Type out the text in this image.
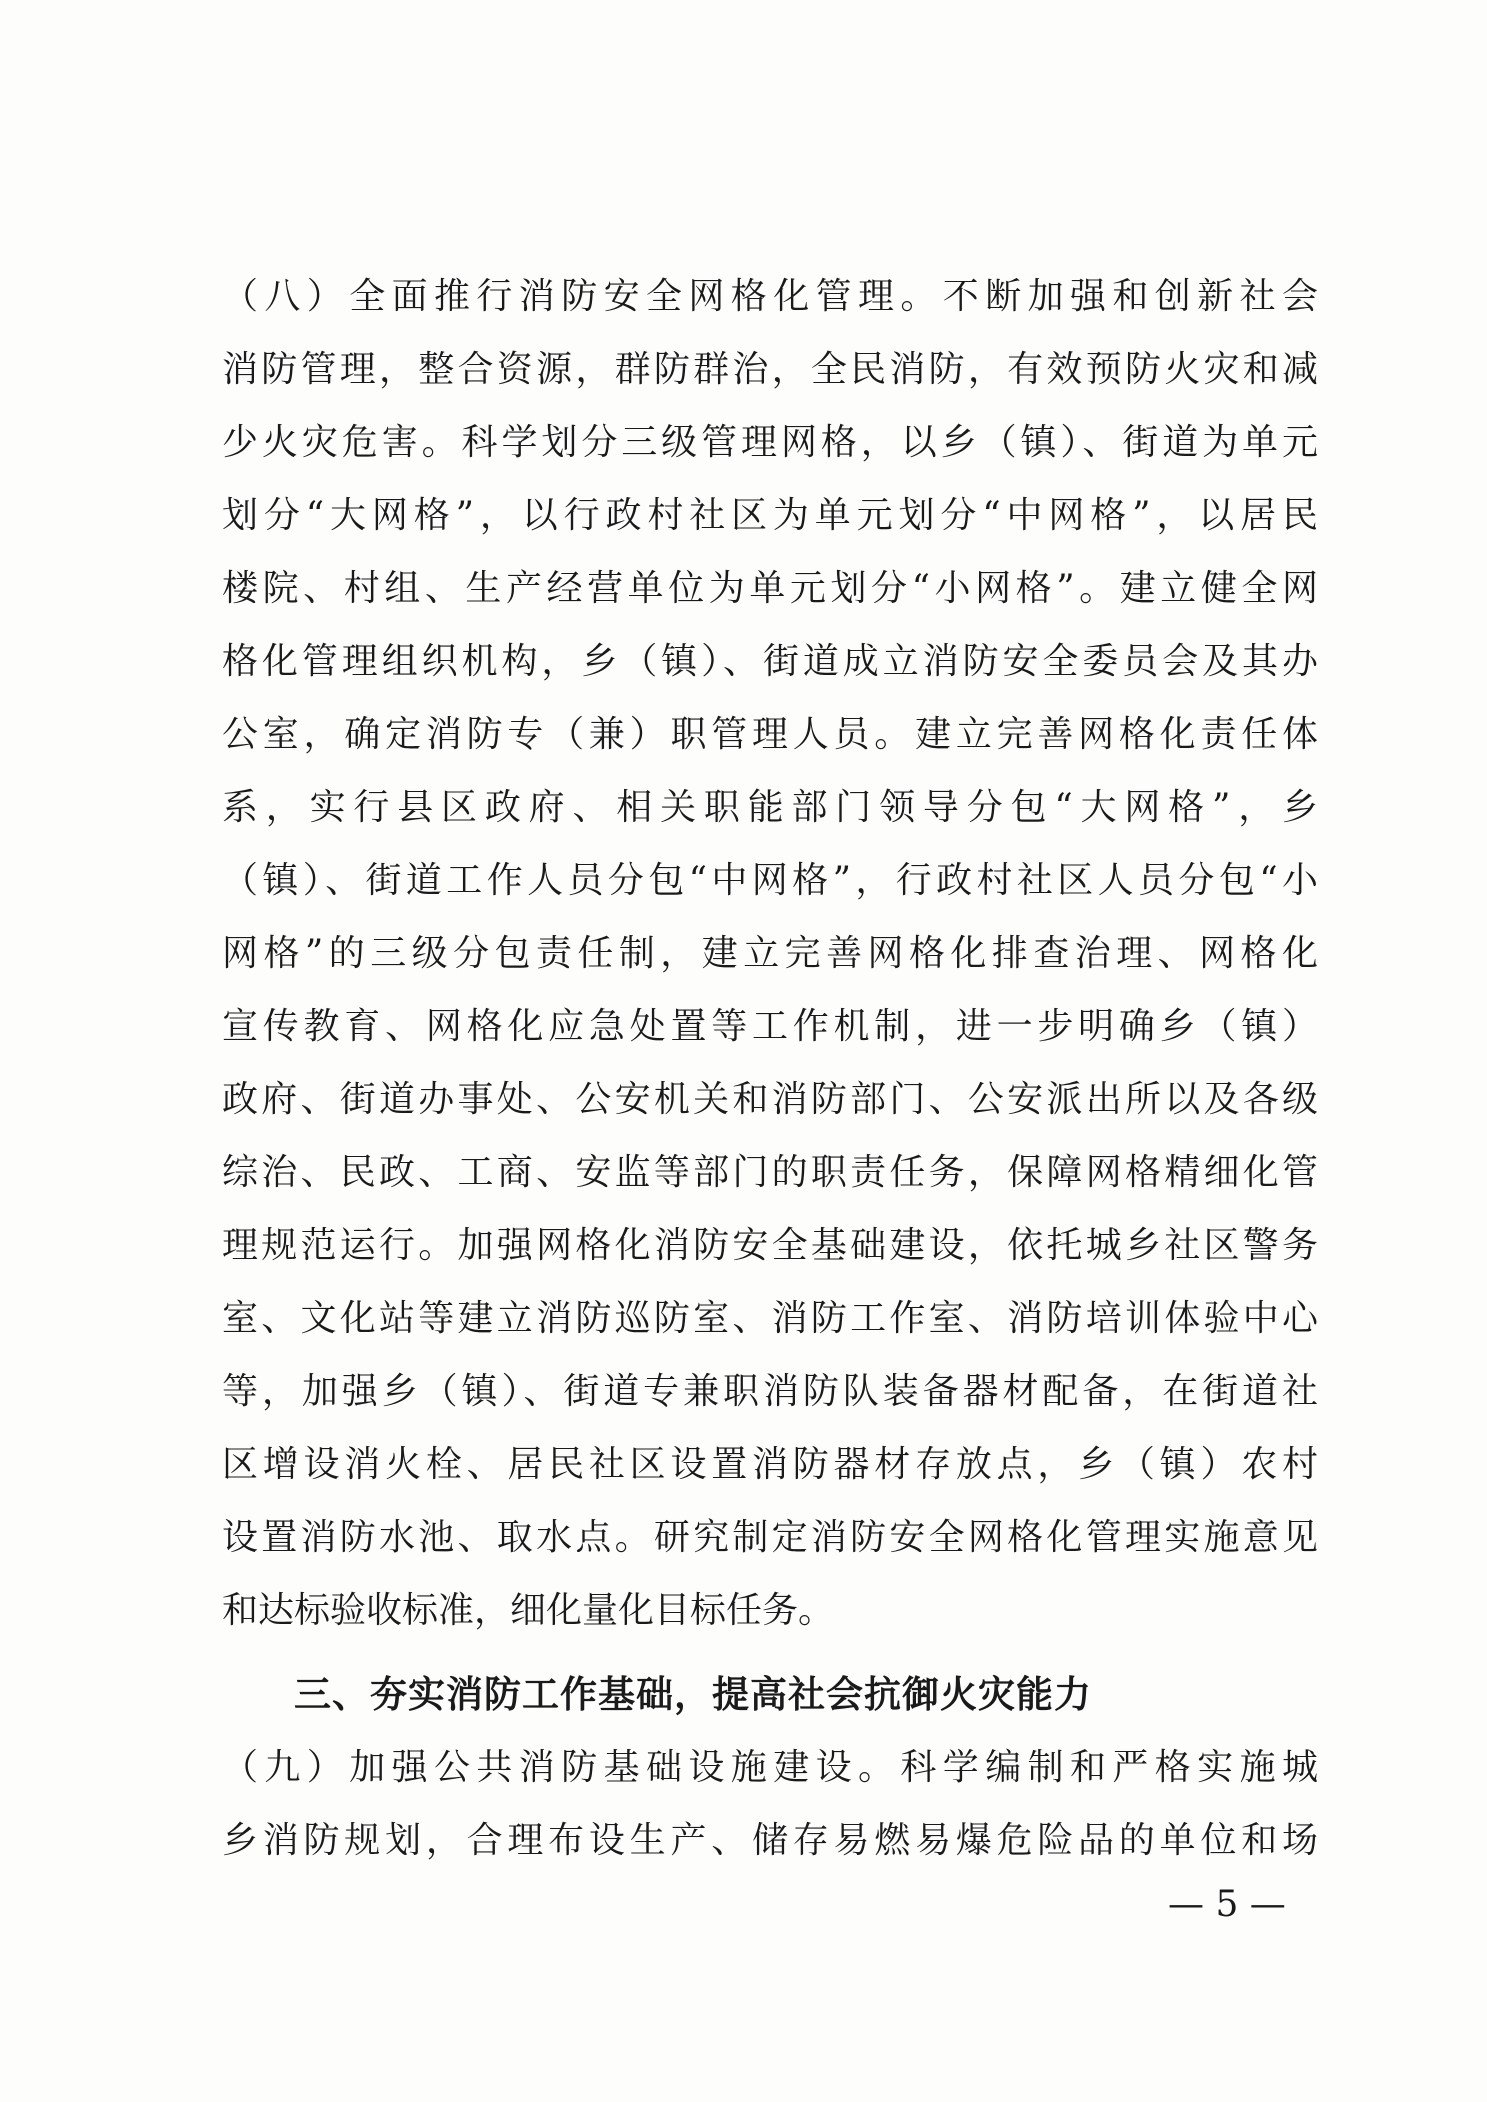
（八）全面推行消防安全网格化管理。不断加强和创新社会
消防管理，整合资源，群防群治，全民消防，有效预防火灾和减
少火灾危害。科学划分三级管理网格，以乡（镇）、街道为单元
划分“大网格”，以行政村社区为单元划分“中网格”，以居民
楼院、村组、生产经营单位为单元划分“小网格”。建立健全网
格化管理组织机构，乡（镇）、街道成立消防安全委员会及其办
公室，确定消防专（兼）职管理人员。建立完善网格化责任体
系，实行县区政府、相关职能部门领导分包“大网格”，乡
（镇）、街道工作人员分包“中网格”，行政村社区人员分包“小
网格”的三级分包责任制，建立完善网格化排查治理、网格化
宣传教育、网格化应急处置等工作机制，进一步明确乡（镇）
政府、街道办事处、公安机关和消防部门、公安派出所以及各级
综治、民政、工商、安监等部门的职责任务，保障网格精细化管
理规范运行。加强网格化消防安全基础建设，依托城乡社区警务
室、文化站等建立消防巡防室、消防工作室、消防培训体验中心
等，加强乡（镇）、街道专兼职消防队装备器材配备，在街道社
区增设消火栓、居民社区设置消防器材存放点，乡（镇）农村
设置消防水池、取水点。研究制定消防安全网格化管理实施意见
和达标验收标准，细化量化目标任务。
三、夯实消防工作基础，提高社会抗御火灾能力
（九）加强公共消防基础设施建设。科学编制和严格实施城
乡消防规划，合理布设生产、储存易燃易爆危险品的单位和场
— 5 —
